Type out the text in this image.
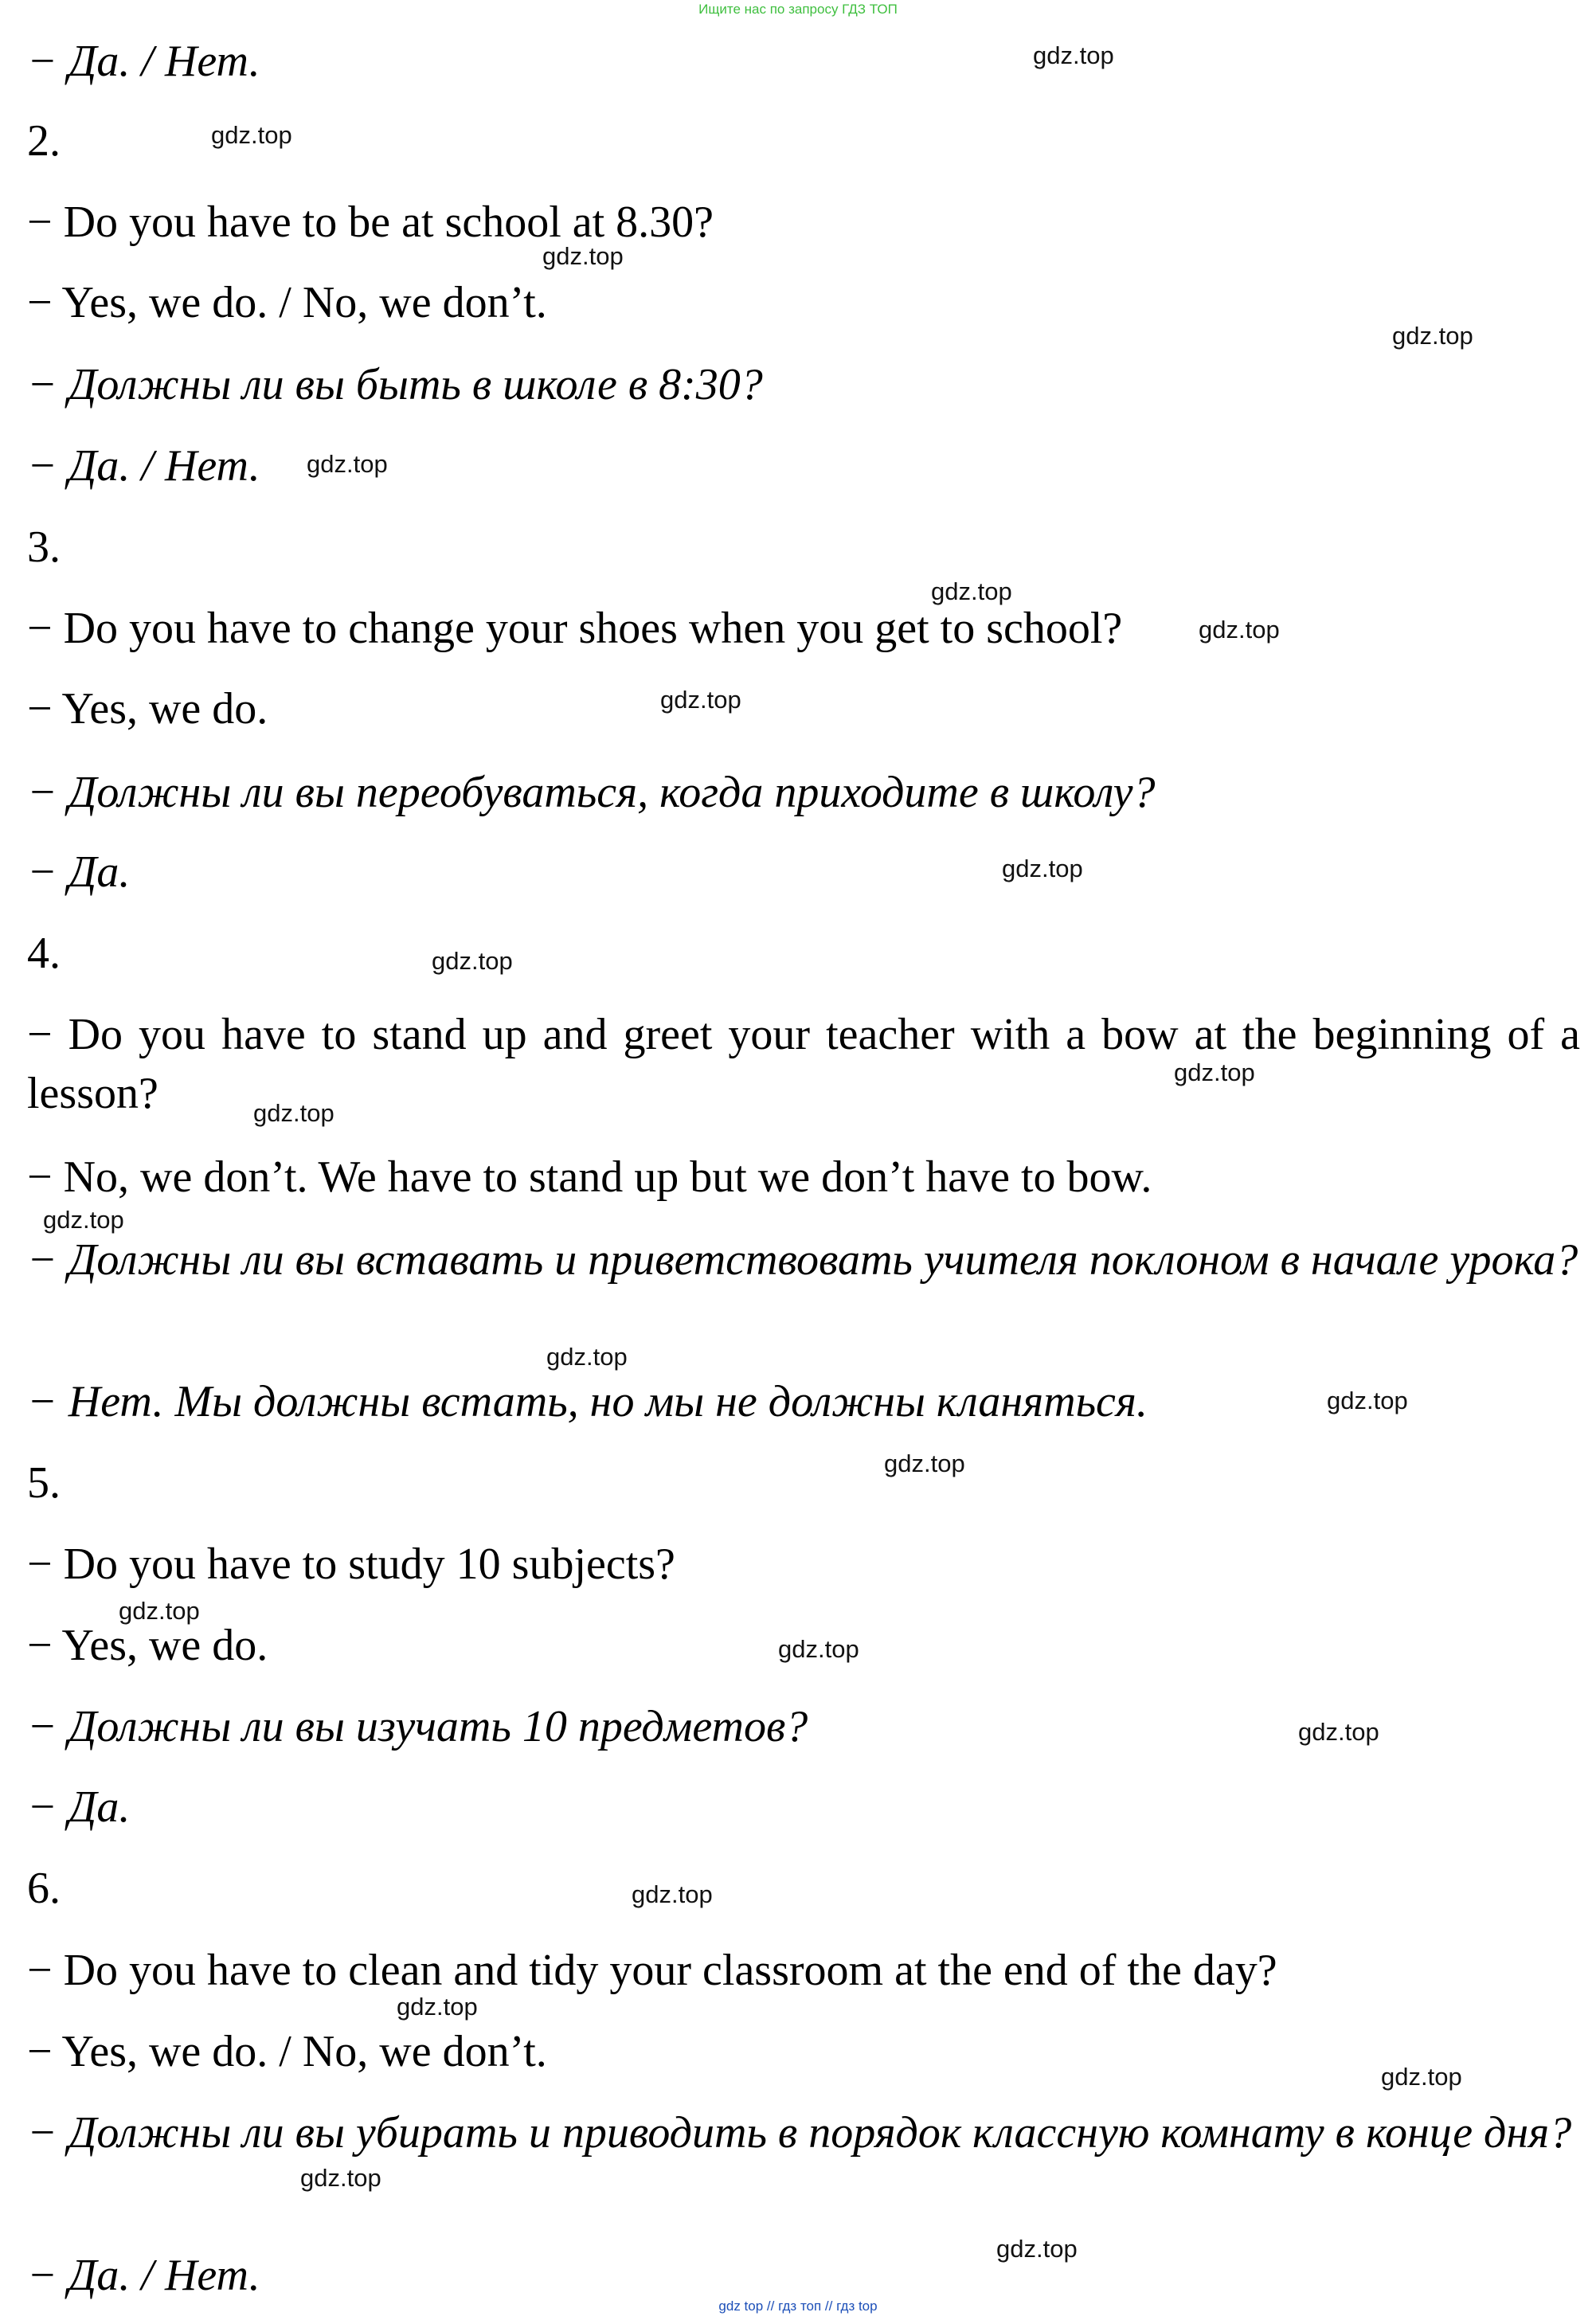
Ищите нас по запросу ГДЗ ТОП
− Да. / Нет.
2.
− Do you have to be at school at 8.30?
− Yes, we do. / No, we don’t.
− Должны ли вы быть в школе в 8:30?
− Да. / Нет.
3.
− Do you have to change your shoes when you get to school?
− Yes, we do.
− Должны ли вы переобуваться, когда приходите в школу?
− Да.
4.
− Do you have to stand up and greet your teacher with a bow at the beginning of a lesson?
− No, we don’t. We have to stand up but we don’t have to bow.
− Должны ли вы вставать и приветствовать учителя поклоном в начале урока?
− Нет. Мы должны встать, но мы не должны кланяться.
5.
− Do you have to study 10 subjects?
− Yes, we do.
− Должны ли вы изучать 10 предметов?
− Да.
6.
− Do you have to clean and tidy your classroom at the end of the day?
− Yes, we do. / No, we don’t.
− Должны ли вы убирать и приводить в порядок классную комнату в конце дня?
− Да. / Нет.
gdz.top
gdz.top
gdz.top
gdz.top
gdz.top
gdz.top
gdz.top
gdz.top
gdz.top
gdz.top
gdz.top
gdz.top
gdz.top
gdz.top
gdz.top
gdz.top
gdz.top
gdz.top
gdz.top
gdz.top
gdz.top
gdz.top
gdz.top
gdz.top
gdz top // гдз топ // гдз top
